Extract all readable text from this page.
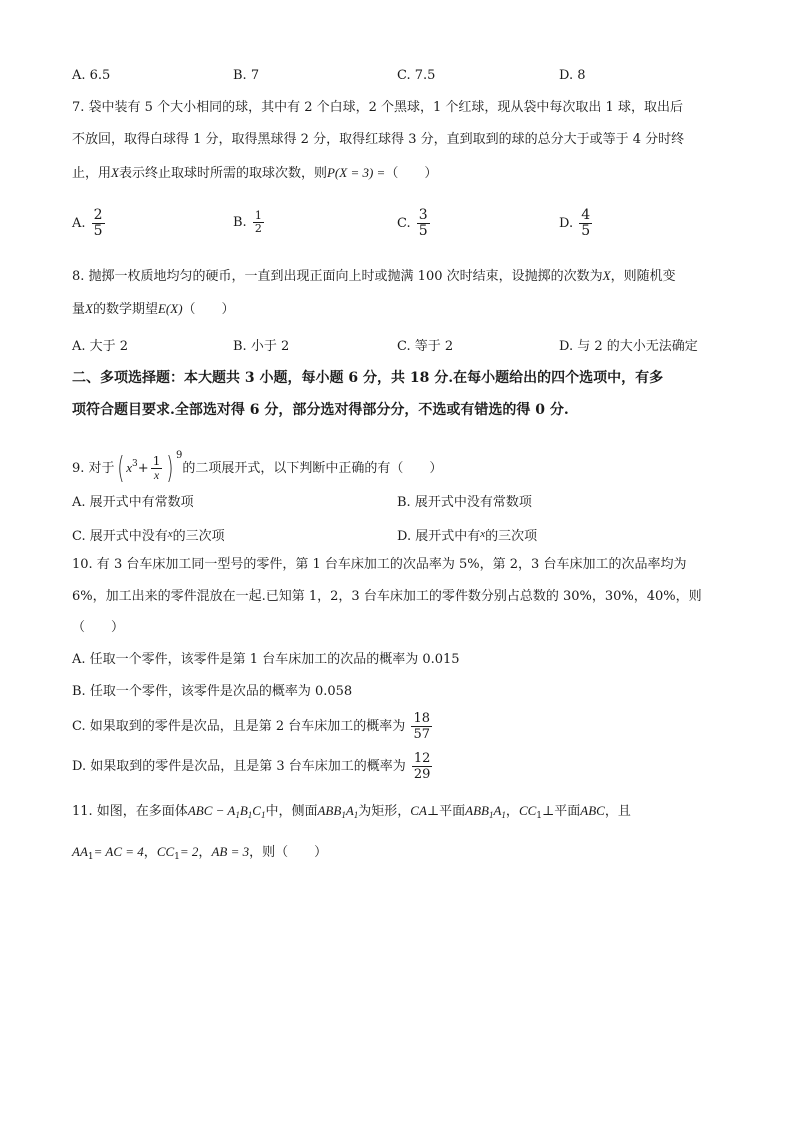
A. 6.5	B. 7	C. 7.5	D. 8
7. 袋中装有 5 个大小相同的球，其中有 2 个白球，2 个黑球，1 个红球，现从袋中每次取出 1 球，取出后
不放回，取得白球得 1 分，取得黑球得 2 分，取得红球得 3 分，直到取到的球的总分大于或等于 4 分时终
止，用X表示终止取球时所需的取球次数，则P(X = 3) =（　　）
A. $\frac{2}{5}$	B. $\frac{1}{2}$	C. $\frac{3}{5}$	D. $\frac{4}{5}$
8. 抛掷一枚质地均匀的硬币，一直到出现正面向上时或抛满 100 次时结束，设抛掷的次数为X，则随机变
量X的数学期望E(X)（　　）
A. 大于 2	B. 小于 2	C. 等于 2	D. 与 2 的大小无法确定
二、多项选择题：本大题共 3 小题，每小题 6 分，共 18 分.在每小题给出的四个选项中，有多
项符合题目要求.全部选对得 6 分，部分选对得部分分，不选或有错选的得 0 分.
9. 对于( $x^3+ \frac{1}{x}$ ) $^9$的二项展开式，以下判断中正确的有（　　）
A. 展开式中有常数项	B. 展开式中没有常数项
C. 展开式中没有$^x$的三次项	D. 展开式中有$^x$的三次项
10. 有 3 台车床加工同一型号的零件，第 1 台车床加工的次品率为 5%，第 2，3 台车床加工的次品率均为
6%，加工出来的零件混放在一起.已知第 1，2，3 台车床加工的零件数分别占总数的 30%，30%，40%，则
（　　）
A. 任取一个零件，该零件是第 1 台车床加工的次品的概率为 0.015
B. 任取一个零件，该零件是次品的概率为 0.058
C. 如果取到的零件是次品，且是第 2 台车床加工的概率为 $\frac{18}{57}$
D. 如果取到的零件是次品，且是第 3 台车床加工的概率为 $\frac{12}{29}$
11. 如图，在多面体ABC − $A_1B_1C_1$中，侧面$ABB_1A_1$为矩形，CA⊥平面$ABB_1A_1$，$CC_1\perp$平面ABC，且
$AA_1=$ AC = 4，$CC_1= 2$，AB = 3，则（　　）
